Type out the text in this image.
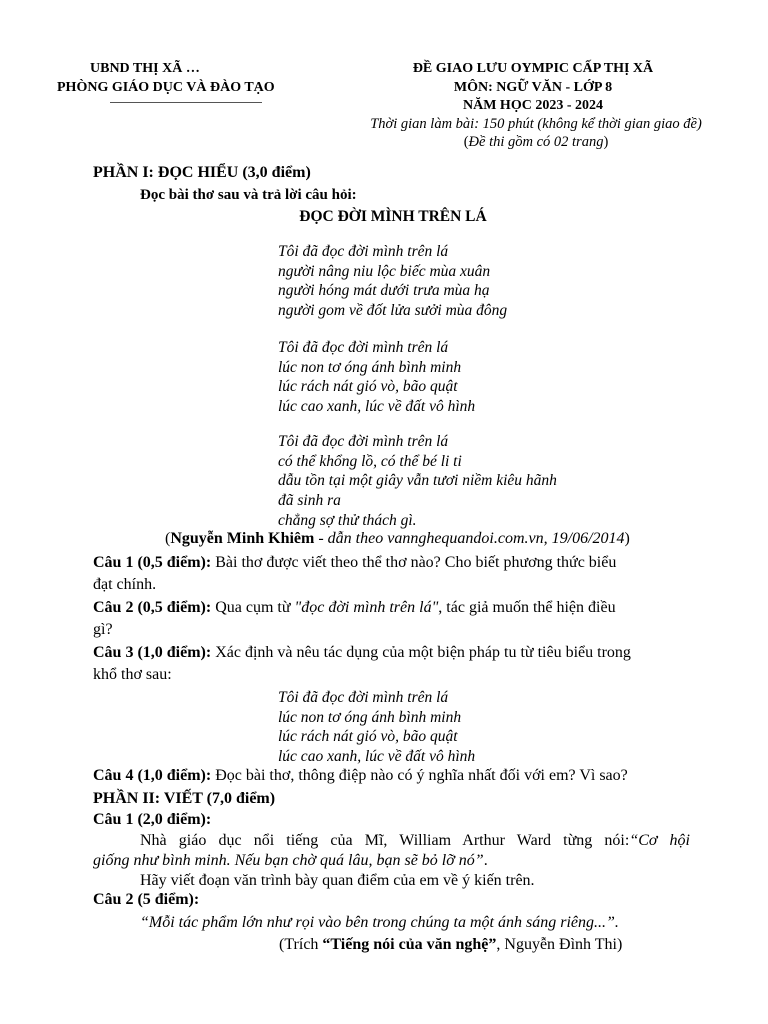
UBND THỊ XÃ …
PHÒNG GIÁO DỤC VÀ ĐÀO TẠO
ĐỀ GIAO LƯU OYMPIC CẤP THỊ XÃ
MÔN: NGỮ VĂN - LỚP 8
NĂM HỌC 2023 - 2024
Thời gian làm bài: 150 phút (không kể thời gian giao đề)
(Đề thi gồm có 02 trang)
PHẦN I: ĐỌC HIỂU (3,0 điểm)
Đọc bài thơ sau và trả lời câu hỏi:
ĐỌC ĐỜI MÌNH TRÊN LÁ
Tôi đã đọc đời mình trên lá
người nâng niu lộc biếc mùa xuân
người hóng mát dưới trưa mùa hạ
người gom về đốt lửa sưởi mùa đông
Tôi đã đọc đời mình trên lá
lúc non tơ óng ánh bình minh
lúc rách nát gió vò, bão quật
lúc cao xanh, lúc về đất vô hình
Tôi đã đọc đời mình trên lá
có thể khổng lồ, có thể bé li ti
dẫu tồn tại một giây vẫn tươi niềm kiêu hãnh
đã sinh ra
chẳng sợ thử thách gì.
(Nguyễn Minh Khiêm - dẫn theo vannghequandoi.com.vn, 19/06/2014)
Câu 1 (0,5 điểm): Bài thơ được viết theo thể thơ nào? Cho biết phương thức biểu
đạt chính.
Câu 2 (0,5 điểm): Qua cụm từ "đọc đời mình trên lá", tác giả muốn thể hiện điều
gì?
Câu 3 (1,0 điểm): Xác định và nêu tác dụng của một biện pháp tu từ tiêu biểu trong
khổ thơ sau:
Tôi đã đọc đời mình trên lá
lúc non tơ óng ánh bình minh
lúc rách nát gió vò, bão quật
lúc cao xanh, lúc về đất vô hình
Câu 4 (1,0 điểm): Đọc bài thơ, thông điệp nào có ý nghĩa nhất đối với em? Vì sao?
PHẦN II: VIẾT (7,0 điểm)
Câu 1 (2,0 điểm):
Nhà giáo dục nổi tiếng của Mĩ, William Arthur Ward từng nói:“Cơ hội
giống như bình minh. Nếu bạn chờ quá lâu, bạn sẽ bỏ lỡ nó”.
Hãy viết đoạn văn trình bày quan điểm của em về ý kiến trên.
Câu 2 (5 điểm):
“Mỗi tác phẩm lớn như rọi vào bên trong chúng ta một ánh sáng riêng...”.
(Trích “Tiếng nói của văn nghệ”, Nguyễn Đình Thi)
